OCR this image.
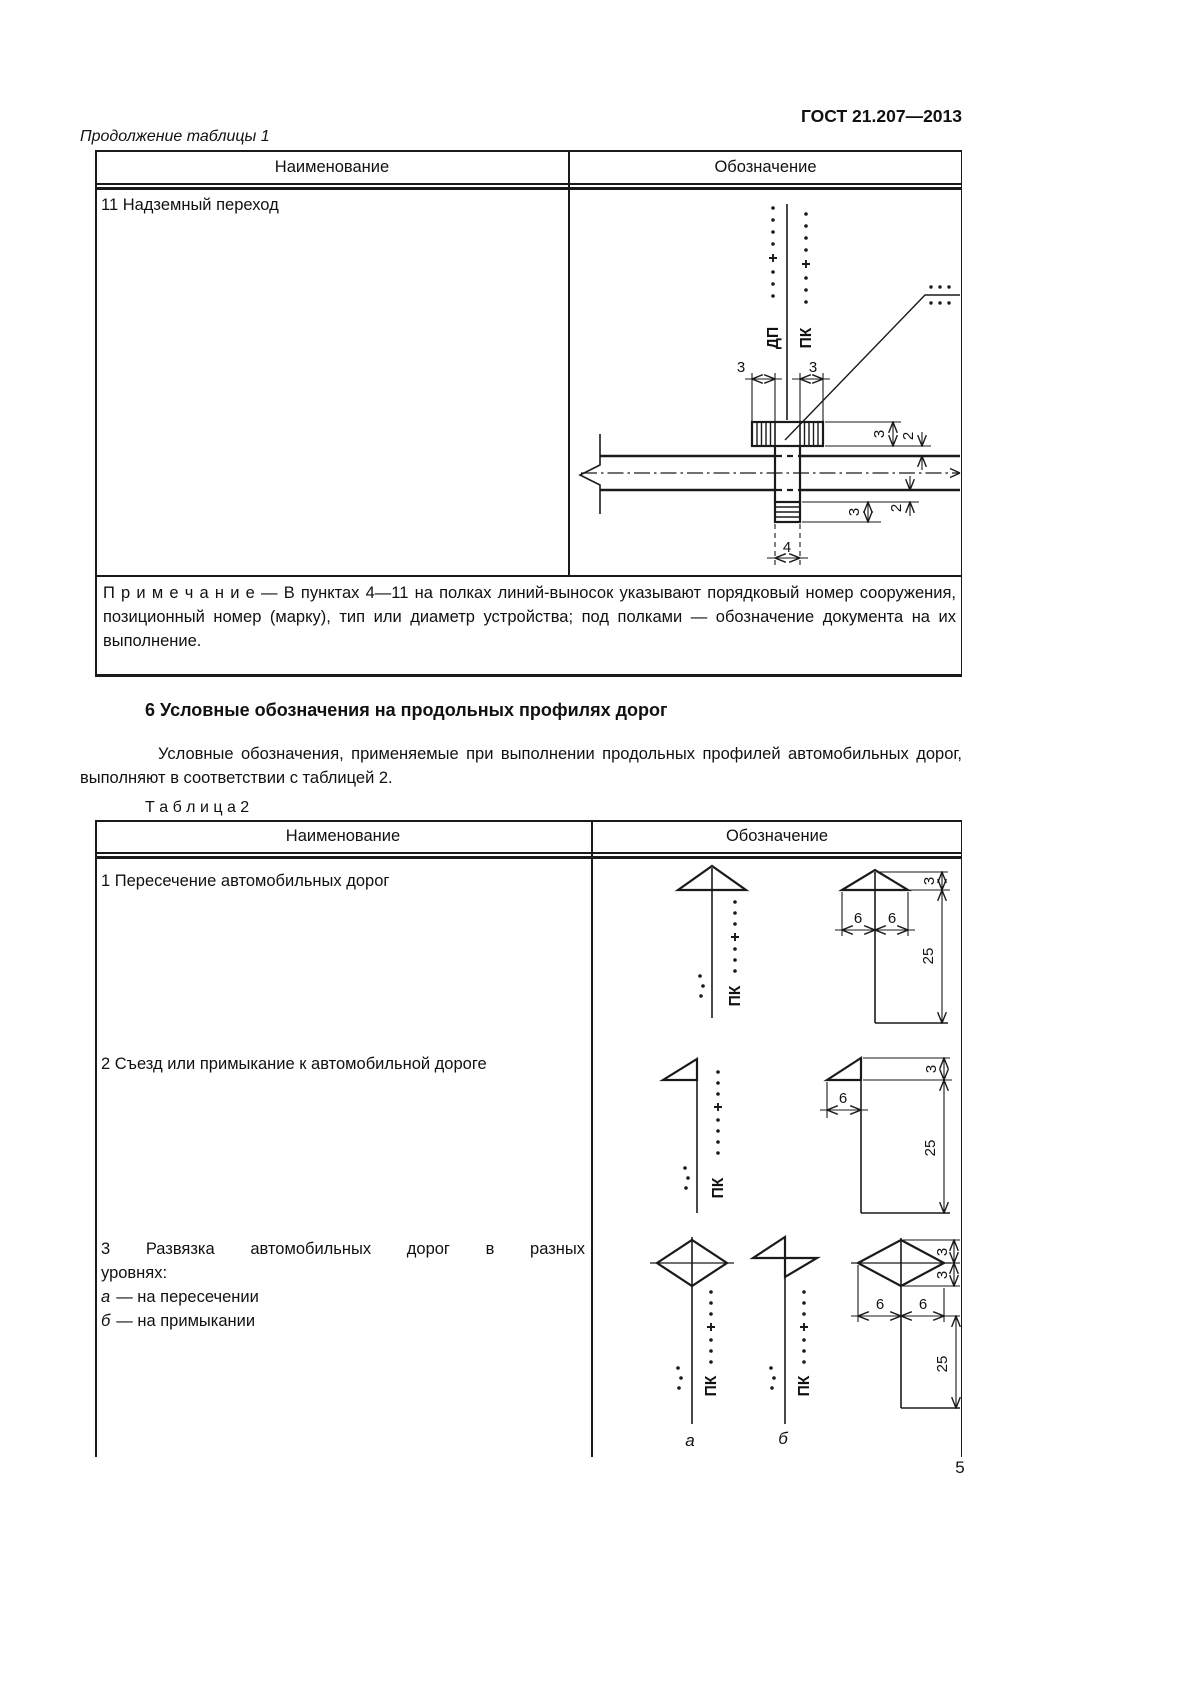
ГОСТ 21.207—2013
Продолжение таблицы 1
Наименование	Обозначение
11 Надземный переход
ДП ПК
3	3
3 2
3 2
4

П р и м е ч а н и е — В пунктах 4—11 на полках линий-выносок указывают порядковый номер сооружения, позиционный номер (марку), тип или диаметр устройства; под полками — обозначение документа на их выполнение.

6 Условные обозначения на продольных профилях дорог

Условные обозначения, применяемые при выполнении продольных профилей автомобильных дорог, выполняют в соответствии с таблицей 2.

Т а б л и ц а 2
Наименование	Обозначение
1 Пересечение автомобильных дорог
2 Съезд или примыкание к автомобильной дороге
3 Развязка автомобильных дорог в разных
уровнях:
а — на пересечении
б — на примыкании
ПК
6 6
3
25
ПК
6
3
25
ПК
а
ПК
б
3
3
6 6
25
5
